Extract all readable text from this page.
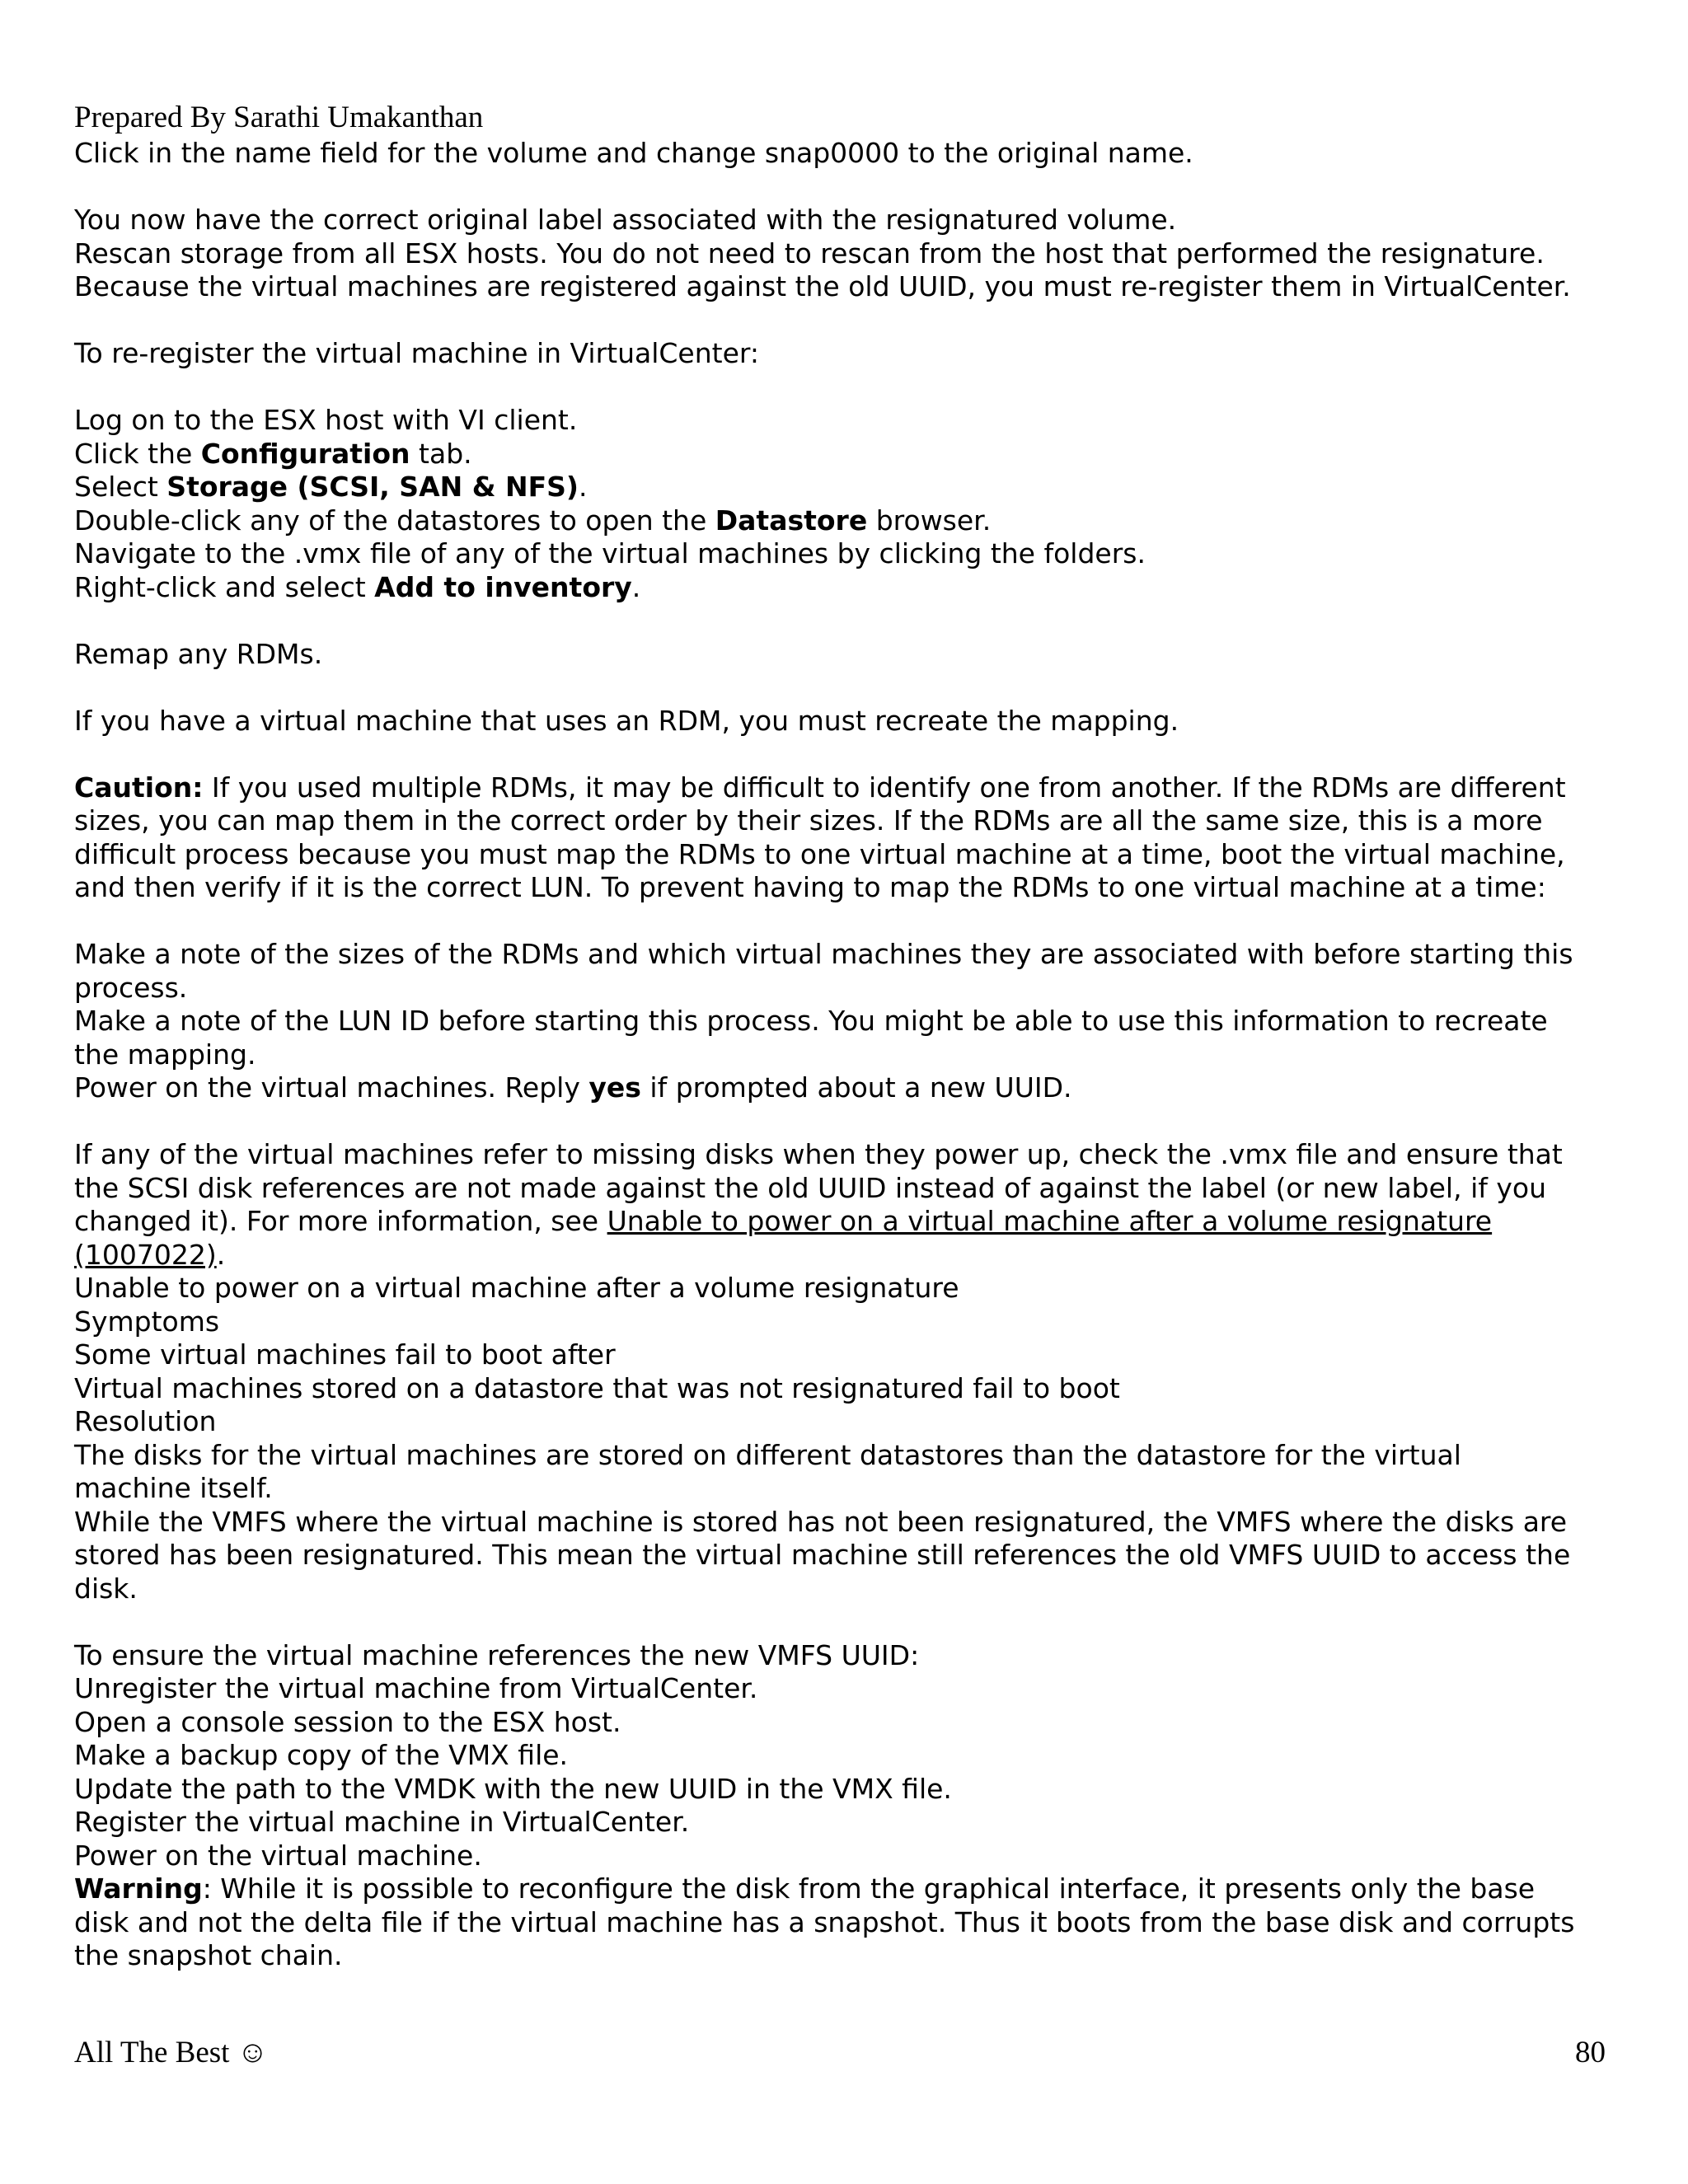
Prepared By Sarathi Umakanthan
Click in the name field for the volume and change snap0000 to the original name.
You now have the correct original label associated with the resignatured volume.
Rescan storage from all ESX hosts. You do not need to rescan from the host that performed the resignature.
Because the virtual machines are registered against the old UUID, you must re-register them in VirtualCenter.
To re-register the virtual machine in VirtualCenter:
Log on to the ESX host with VI client.
Click the Configuration tab.
Select Storage (SCSI, SAN & NFS).
Double-click any of the datastores to open the Datastore browser.
Navigate to the .vmx file of any of the virtual machines by clicking the folders.
Right-click and select Add to inventory.
Remap any RDMs.
If you have a virtual machine that uses an RDM, you must recreate the mapping.
Caution: If you used multiple RDMs, it may be difficult to identify one from another. If the RDMs are different
sizes, you can map them in the correct order by their sizes. If the RDMs are all the same size, this is a more
difficult process because you must map the RDMs to one virtual machine at a time, boot the virtual machine,
and then verify if it is the correct LUN. To prevent having to map the RDMs to one virtual machine at a time:
Make a note of the sizes of the RDMs and which virtual machines they are associated with before starting this
process.
Make a note of the LUN ID before starting this process. You might be able to use this information to recreate
the mapping.
Power on the virtual machines. Reply yes if prompted about a new UUID.
If any of the virtual machines refer to missing disks when they power up, check the .vmx file and ensure that
the SCSI disk references are not made against the old UUID instead of against the label (or new label, if you
changed it). For more information, see Unable to power on a virtual machine after a volume resignature
(1007022).
Unable to power on a virtual machine after a volume resignature
Symptoms
Some virtual machines fail to boot after
Virtual machines stored on a datastore that was not resignatured fail to boot
Resolution
The disks for the virtual machines are stored on different datastores than the datastore for the virtual
machine itself.
While the VMFS where the virtual machine is stored has not been resignatured, the VMFS where the disks are
stored has been resignatured. This mean the virtual machine still references the old VMFS UUID to access the
disk.
To ensure the virtual machine references the new VMFS UUID:
Unregister the virtual machine from VirtualCenter.
Open a console session to the ESX host.
Make a backup copy of the VMX file.
Update the path to the VMDK with the new UUID in the VMX file.
Register the virtual machine in VirtualCenter.
Power on the virtual machine.
Warning: While it is possible to reconfigure the disk from the graphical interface, it presents only the base
disk and not the delta file if the virtual machine has a snapshot. Thus it boots from the base disk and corrupts
the snapshot chain.
All The Best ☺	80
